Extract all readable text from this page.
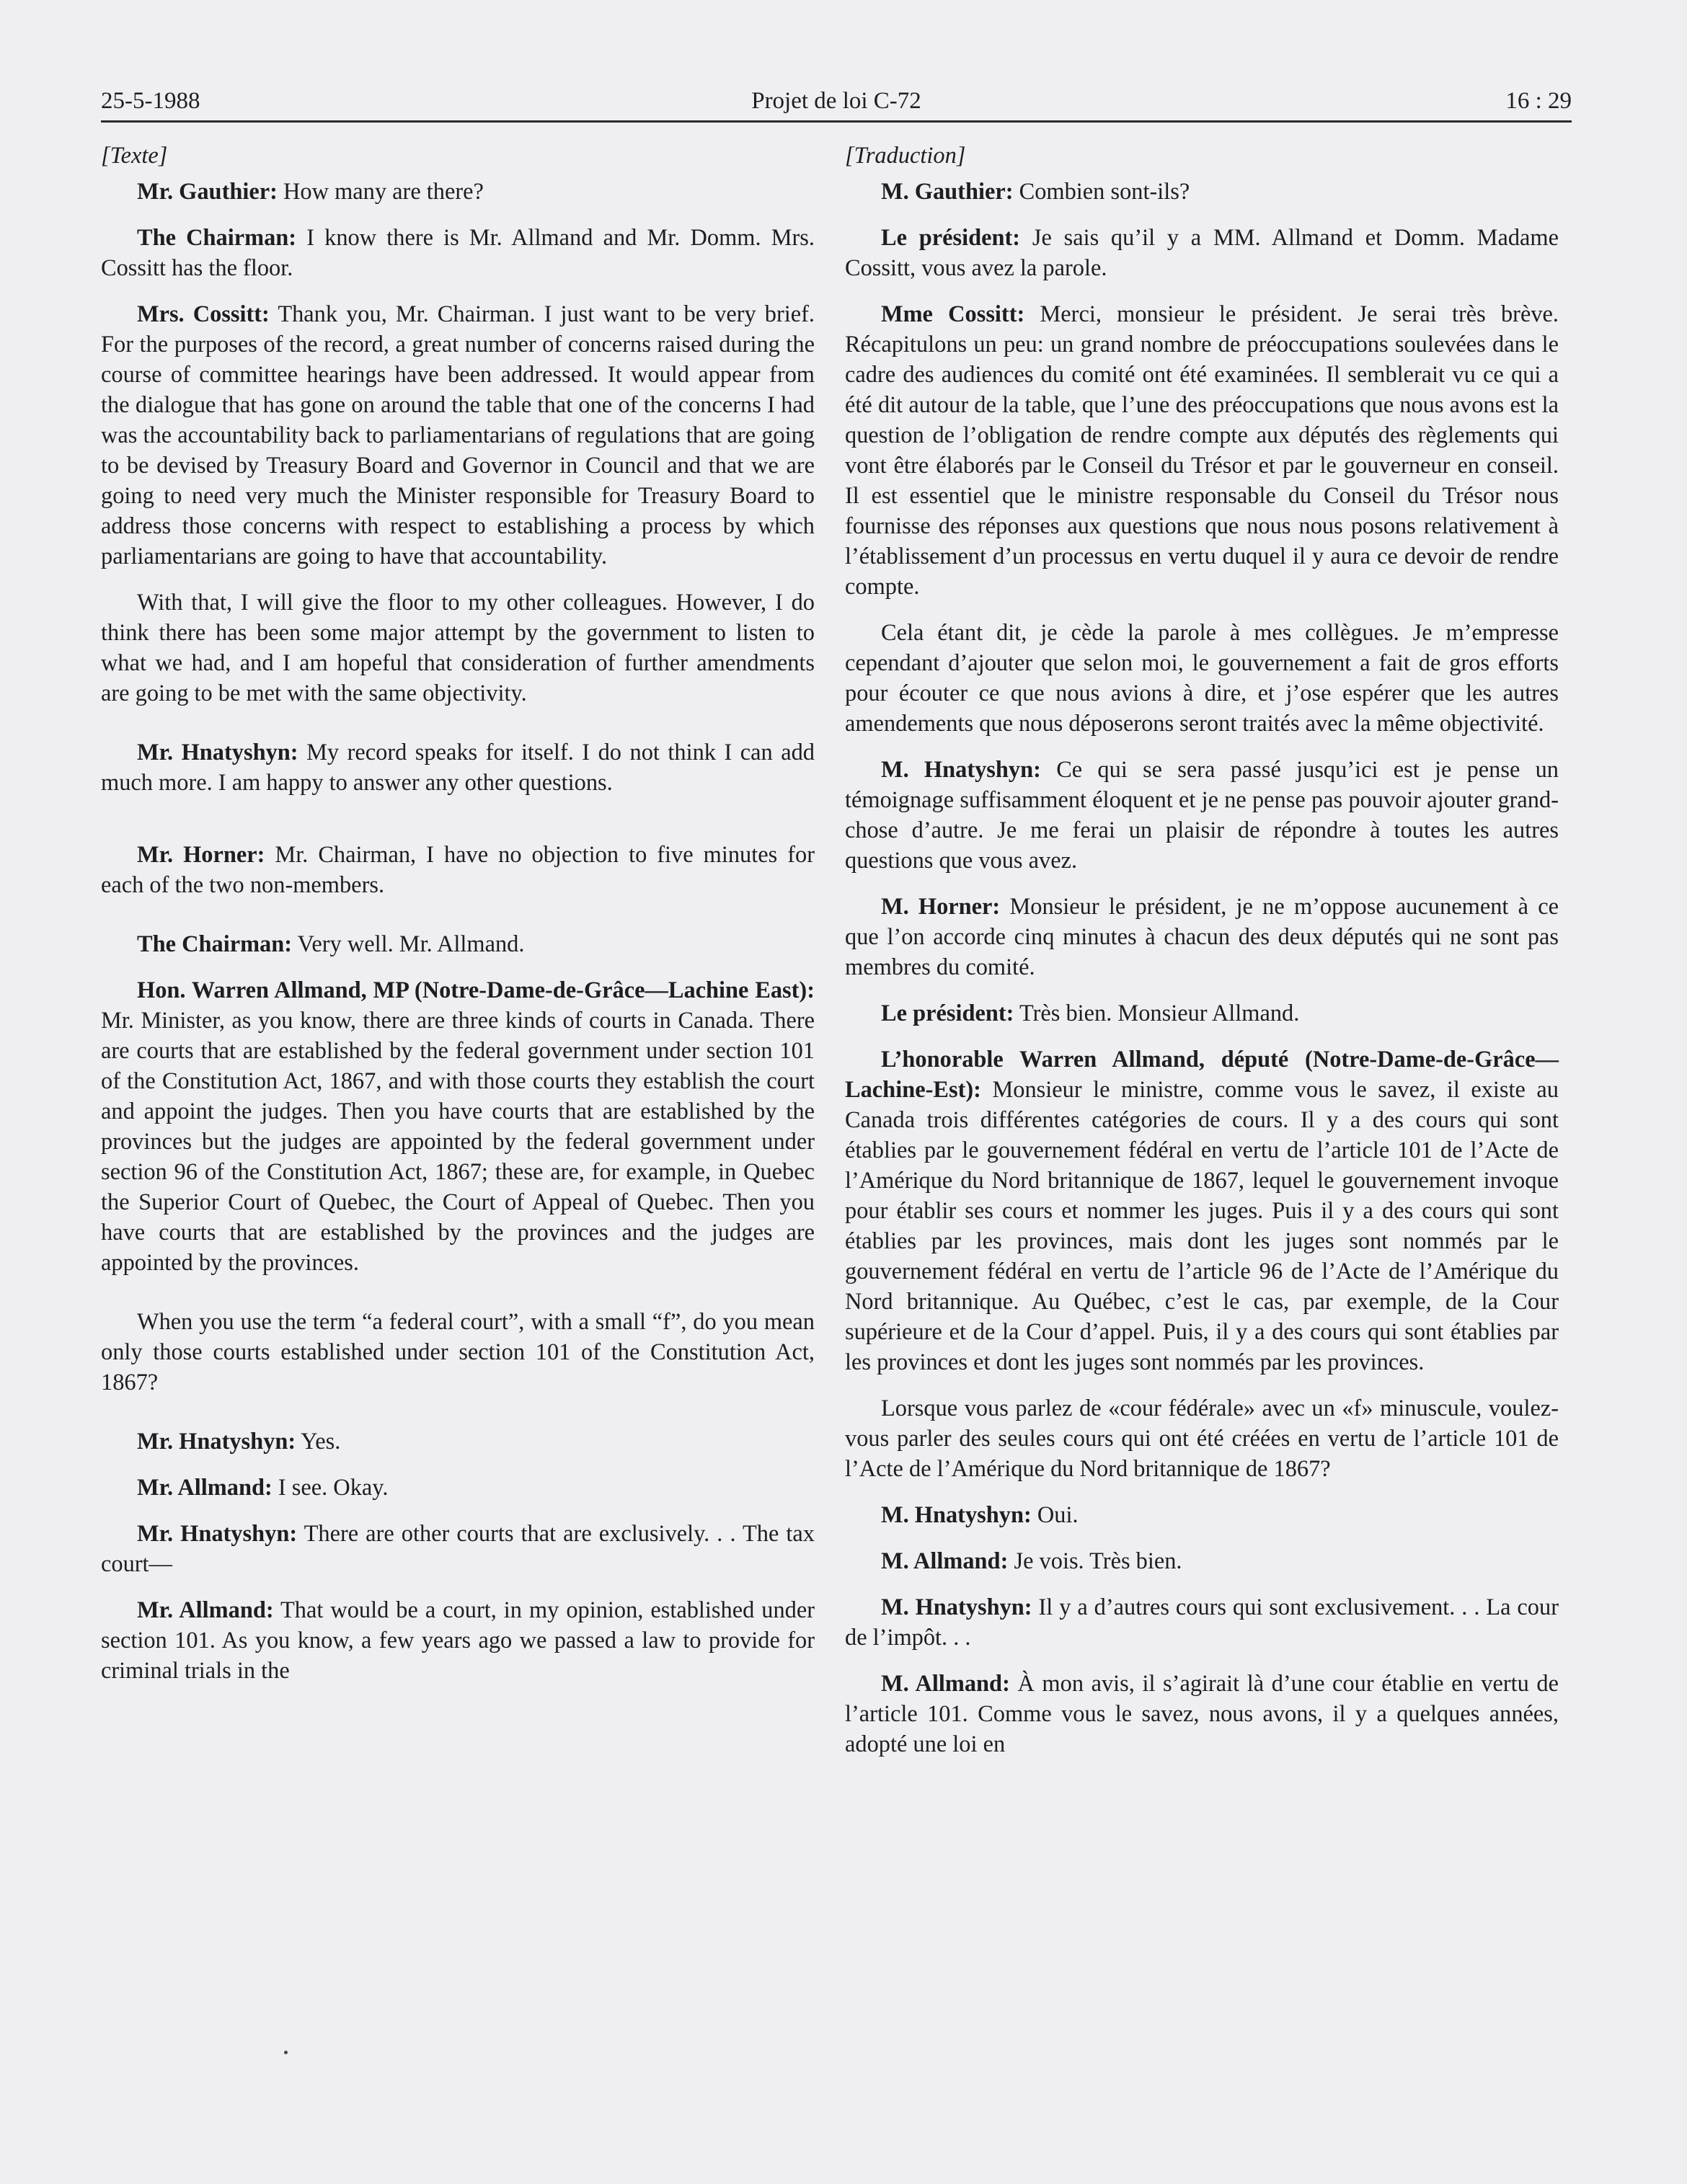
25-5-1988	Projet de loi C-72	16 : 29
[Texte]

Mr. Gauthier: How many are there?

The Chairman: I know there is Mr. Allmand and Mr. Domm. Mrs. Cossitt has the floor.

Mrs. Cossitt: Thank you, Mr. Chairman. I just want to be very brief. For the purposes of the record, a great number of concerns raised during the course of committee hearings have been addressed. It would appear from the dialogue that has gone on around the table that one of the concerns I had was the accountability back to parliamentarians of regulations that are going to be devised by Treasury Board and Governor in Council and that we are going to need very much the Minister responsible for Treasury Board to address those concerns with respect to establishing a process by which parliamentarians are going to have that accountability.

With that, I will give the floor to my other colleagues. However, I do think there has been some major attempt by the government to listen to what we had, and I am hopeful that consideration of further amendments are going to be met with the same objectivity.

Mr. Hnatyshyn: My record speaks for itself. I do not think I can add much more. I am happy to answer any other questions.

Mr. Horner: Mr. Chairman, I have no objection to five minutes for each of the two non-members.

The Chairman: Very well. Mr. Allmand.

Hon. Warren Allmand, MP (Notre-Dame-de-Grâce—Lachine East): Mr. Minister, as you know, there are three kinds of courts in Canada. There are courts that are established by the federal government under section 101 of the Constitution Act, 1867, and with those courts they establish the court and appoint the judges. Then you have courts that are established by the provinces but the judges are appointed by the federal government under section 96 of the Constitution Act, 1867; these are, for example, in Quebec the Superior Court of Quebec, the Court of Appeal of Quebec. Then you have courts that are established by the provinces and the judges are appointed by the provinces.

When you use the term “a federal court”, with a small “f”, do you mean only those courts established under section 101 of the Constitution Act, 1867?

Mr. Hnatyshyn: Yes.

Mr. Allmand: I see. Okay.

Mr. Hnatyshyn: There are other courts that are exclusively. . . The tax court—

Mr. Allmand: That would be a court, in my opinion, established under section 101. As you know, a few years ago we passed a law to provide for criminal trials in the

[Traduction]

M. Gauthier: Combien sont-ils?

Le président: Je sais qu’il y a MM. Allmand et Domm. Madame Cossitt, vous avez la parole.

Mme Cossitt: Merci, monsieur le président. Je serai très brève. Récapitulons un peu: un grand nombre de préoccupations soulevées dans le cadre des audiences du comité ont été examinées. Il semblerait vu ce qui a été dit autour de la table, que l’une des préoccupations que nous avons est la question de l’obligation de rendre compte aux députés des règlements qui vont être élaborés par le Conseil du Trésor et par le gouverneur en conseil. Il est essentiel que le ministre responsable du Conseil du Trésor nous fournisse des réponses aux questions que nous nous posons relativement à l’établissement d’un processus en vertu duquel il y aura ce devoir de rendre compte.

Cela étant dit, je cède la parole à mes collègues. Je m’empresse cependant d’ajouter que selon moi, le gouvernement a fait de gros efforts pour écouter ce que nous avions à dire, et j’ose espérer que les autres amendements que nous déposerons seront traités avec la même objectivité.

M. Hnatyshyn: Ce qui se sera passé jusqu’ici est je pense un témoignage suffisamment éloquent et je ne pense pas pouvoir ajouter grand-chose d’autre. Je me ferai un plaisir de répondre à toutes les autres questions que vous avez.

M. Horner: Monsieur le président, je ne m’oppose aucunement à ce que l’on accorde cinq minutes à chacun des deux députés qui ne sont pas membres du comité.

Le président: Très bien. Monsieur Allmand.

L’honorable Warren Allmand, député (Notre-Dame-de-Grâce—Lachine-Est): Monsieur le ministre, comme vous le savez, il existe au Canada trois différentes catégories de cours. Il y a des cours qui sont établies par le gouvernement fédéral en vertu de l’article 101 de l’Acte de l’Amérique du Nord britannique de 1867, lequel le gouvernement invoque pour établir ses cours et nommer les juges. Puis il y a des cours qui sont établies par les provinces, mais dont les juges sont nommés par le gouvernement fédéral en vertu de l’article 96 de l’Acte de l’Amérique du Nord britannique. Au Québec, c’est le cas, par exemple, de la Cour supérieure et de la Cour d’appel. Puis, il y a des cours qui sont établies par les provinces et dont les juges sont nommés par les provinces.

Lorsque vous parlez de «cour fédérale» avec un «f» minuscule, voulez-vous parler des seules cours qui ont été créées en vertu de l’article 101 de l’Acte de l’Amérique du Nord britannique de 1867?

M. Hnatyshyn: Oui.

M. Allmand: Je vois. Très bien.

M. Hnatyshyn: Il y a d’autres cours qui sont exclusivement. . . La cour de l’impôt. . .

M. Allmand: À mon avis, il s’agirait là d’une cour établie en vertu de l’article 101. Comme vous le savez, nous avons, il y a quelques années, adopté une loi en
